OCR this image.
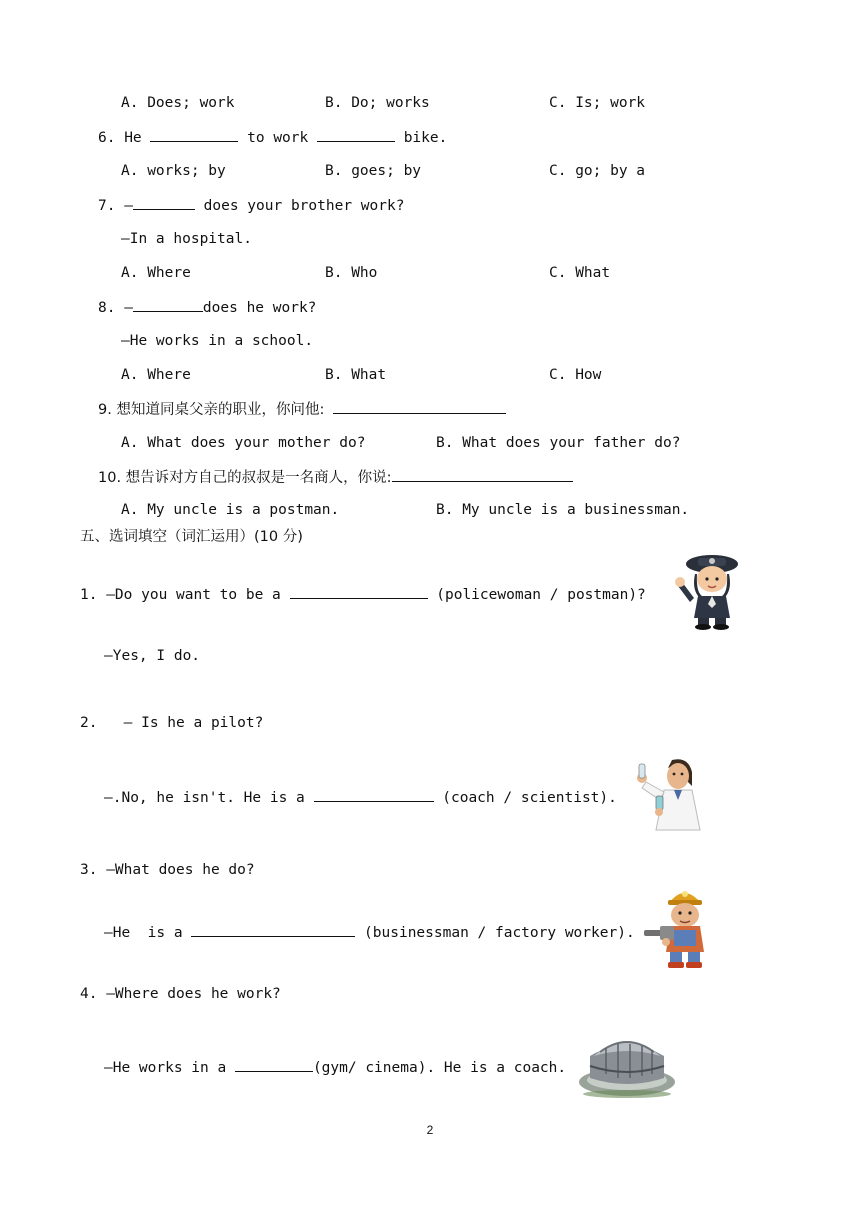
A. Does; work	B. Do; works	C. Is; work
6. He	to work	bike.
A. works; by	B. goes; by	C. go; by a
7. —	does your brother work?
—In a hospital.
A. Where	B. Who	C. What
8. —	does he work?
—He works in a school.
A. Where	B. What	C. How
9. 想知道同桌父亲的职业，你问他:
A. What does your mother do?	B. What does your father do?
10. 想告诉对方自己的叔叔是一名商人，你说:
A. My uncle is a postman.	B. My uncle is a businessman.
五、选词填空（词汇运用）(10 分)
1. —Do you want to be a	(policewoman / postman)?
—Yes, I do.
2.   — Is he a pilot?
—.No, he isn't. He is a	(coach / scientist).
3. —What does he do?
—He  is a	(businessman / factory worker).
4. —Where does he work?
—He works in a	(gym/ cinema). He is a coach.
2
